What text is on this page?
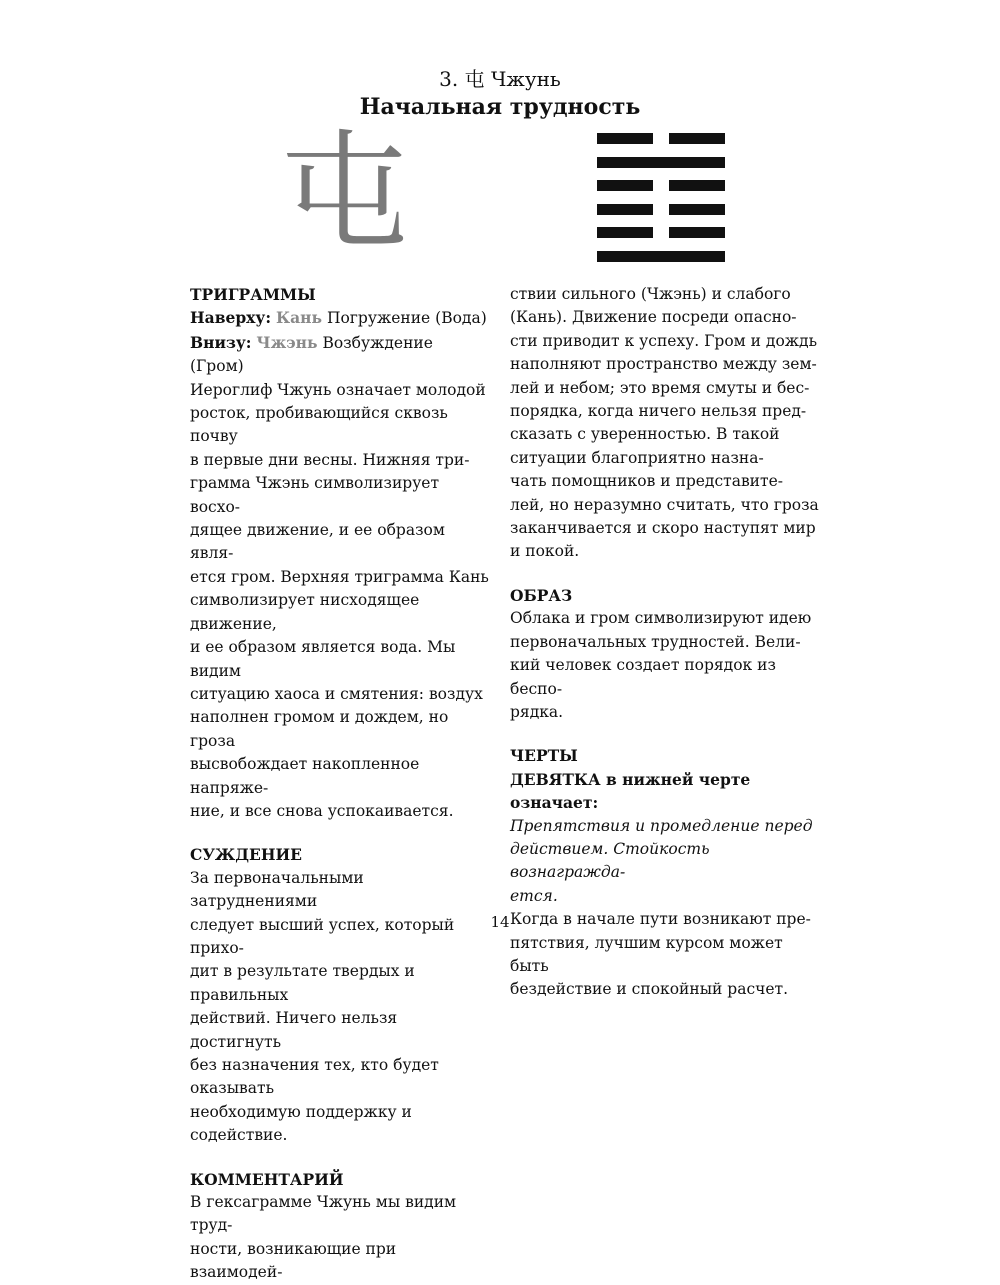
3. 屯 Чжунь
Начальная трудность
屯

ТРИГРАММЫ

Наверху: Кань Погружение (Вода)

Внизу: Чжэнь Возбуждение (Гром)

Иероглиф Чжунь означает молодой

росток, пробивающийся сквозь почву

в первые дни весны. Нижняя три-

грамма Чжэнь символизирует восхо-

дящее движение, и ее образом явля-

ется гром. Верхняя триграмма Кань

символизирует нисходящее движение,

и ее образом является вода. Мы видим

ситуацию хаоса и смятения: воздух

наполнен громом и дождем, но гроза

высвобождает накопленное напряже-

ние, и все снова успокаивается.

СУЖДЕНИЕ

За первоначальными затруднениями

следует высший успех, который прихо-

дит в результате твердых и правильных

действий. Ничего нельзя достигнуть

без назначения тех, кто будет оказывать

необходимую поддержку и содействие.

КОММЕНТАРИЙ

В гексаграмме Чжунь мы видим труд-

ности, возникающие при взаимодей-

ствии сильного (Чжэнь) и слабого

(Кань). Движение посреди опасно-

сти приводит к успеху. Гром и дождь

наполняют пространство между зем-

лей и небом; это время смуты и бес-

порядка, когда ничего нельзя пред-

сказать с уверенностью. В такой

ситуации благоприятно назна-

чать помощников и представите-

лей, но неразумно считать, что гроза

заканчивается и скоро наступят мир

и покой.

ОБРАЗ

Облака и гром символизируют идею

первоначальных трудностей. Вели-

кий человек создает порядок из беспо-

рядка.

ЧЕРТЫ

ДЕВЯТКА в нижней черте означает:

Препятствия и промедление перед

действием. Стойкость вознагражда-

ется.

Когда в начале пути возникают пре-

пятствия, лучшим курсом может быть

бездействие и спокойный расчет.

14
